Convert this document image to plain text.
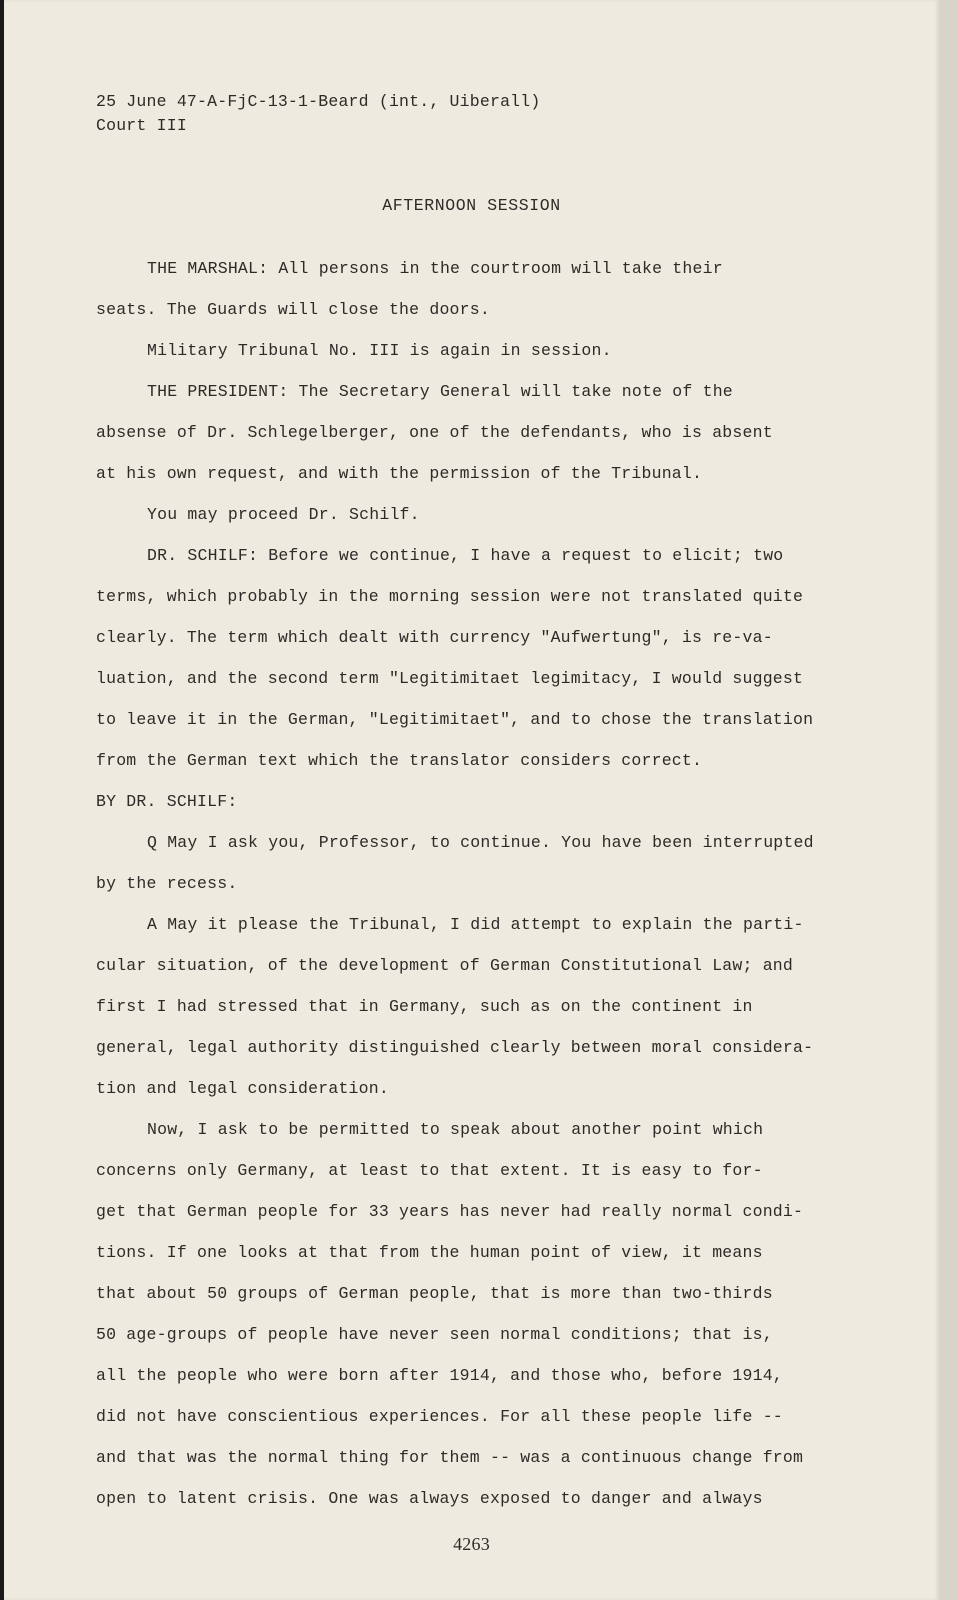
25 June 47-A-FjC-13-1-Beard (int., Uiberall)
Court III
AFTERNOON SESSION
THE MARSHAL: All persons in the courtroom will take their
seats. The Guards will close the doors.
Military Tribunal No. III is again in session.
THE PRESIDENT: The Secretary General will take note of the
absense of Dr. Schlegelberger, one of the defendants, who is absent
at his own request, and with the permission of the Tribunal.
You may proceed Dr. Schilf.
DR. SCHILF: Before we continue, I have a request to elicit; two
terms, which probably in the morning session were not translated quite
clearly. The term which dealt with currency "Aufwertung", is re-va-
luation, and the second term "Legitimitaet legimitacy, I would suggest
to leave it in the German, "Legitimitaet", and to chose the translation
from the German text which the translator considers correct.
BY DR. SCHILF:
Q May I ask you, Professor, to continue. You have been interrupted
by the recess.
A May it please the Tribunal, I did attempt to explain the parti-
cular situation, of the development of German Constitutional Law; and
first I had stressed that in Germany, such as on the continent in
general, legal authority distinguished clearly between moral considera-
tion and legal consideration.
Now, I ask to be permitted to speak about another point which
concerns only Germany, at least to that extent. It is easy to for-
get that German people for 33 years has never had really normal condi-
tions. If one looks at that from the human point of view, it means
that about 50 groups of German people, that is more than two-thirds
50 age-groups of people have never seen normal conditions; that is,
all the people who were born after 1914, and those who, before 1914,
did not have conscientious experiences. For all these people life --
and that was the normal thing for them -- was a continuous change from
open to latent crisis. One was always exposed to danger and always
4263
